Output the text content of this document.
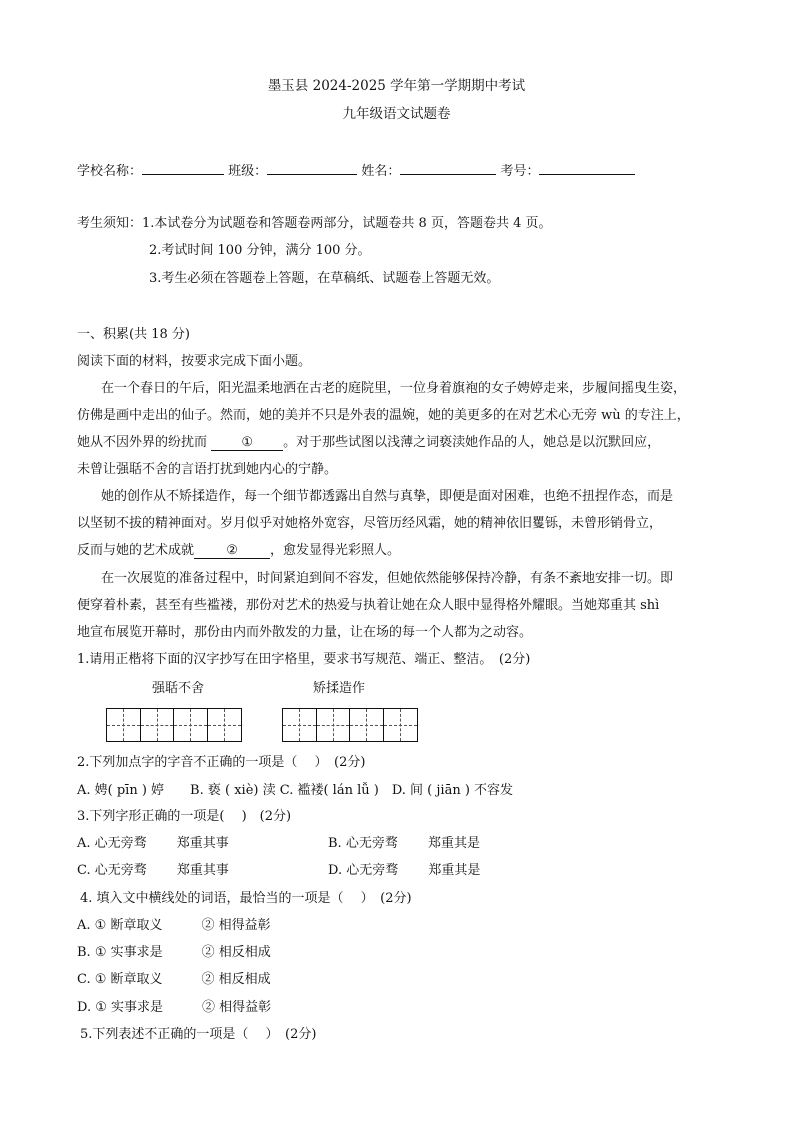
墨玉县 2024-2025 学年第一学期期中考试
九年级语文试题卷
学校名称：	班级：	姓名：	考号：
考生须知：1.本试卷分为试题卷和答题卷两部分，试题卷共 8 页，答题卷共 4 页。
2.考试时间 100 分钟，满分 100 分。
3.考生必须在答题卷上答题，在草稿纸、试题卷上答题无效。
一、积累(共 18 分)
阅读下面的材料，按要求完成下面小题。
在一个春日的午后，阳光温柔地洒在古老的庭院里，一位身着旗袍的女子娉婷走来，步履间摇曳生姿，
仿佛是画中走出的仙子。然而，她的美并不只是外表的温婉，她的美更多的在对艺术心无旁 wù 的专注上，
她从不因外界的纷扰而	① 。对于那些试图以浅薄之词亵渎她作品的人，她总是以沉默回应，
未曾让强聒不舍的言语打扰到她内心的宁静。
她的创作从不矫揉造作，每一个细节都透露出自然与真挚，即便是面对困难，也绝不扭捏作态，而是
以坚韧不拔的精神面对。岁月似乎对她格外宽容，尽管历经风霜，她的精神依旧矍铄，未曾形销骨立，
反而与她的艺术成就 ② ，愈发显得光彩照人。
在一次展览的准备过程中，时间紧迫到间不容发，但她依然能够保持冷静，有条不紊地安排一切。即
便穿着朴素，甚至有些褴褛，那份对艺术的热爱与执着让她在众人眼中显得格外耀眼。当她郑重其 shì
地宣布展览开幕时，那份由内而外散发的力量，让在场的每一个人都为之动容。
1.请用正楷将下面的汉字抄写在田字格里，要求书写规范、端正、整洁。　(2分)
强聒不舍	矫揉造作
2.下列加点字的字音不正确的一项是（　 ）　(2分)
A. 娉( pīn ) 婷　　B. 亵 ( xiè) 渎 C. 褴褛( lán lǚ )　D. 间 ( jiān ) 不容发
3.下列字形正确的一项是(　 )　(2分)
A. 心无旁骛　　 郑重其事	B. 心无旁骛　　 郑重其是
C. 心无旁骛　　 郑重其事	D. 心无旁骛　　 郑重其是
4. 填入文中横线处的词语，最恰当的一项是（　 ）　(2分)
A. ① 断章取义　　　② 相得益彰
B. ① 实事求是　　　② 相反相成
C. ① 断章取义　　　② 相反相成
D. ① 实事求是　　　② 相得益彰
5.下列表述不正确的一项是（　 ）　(2分)
